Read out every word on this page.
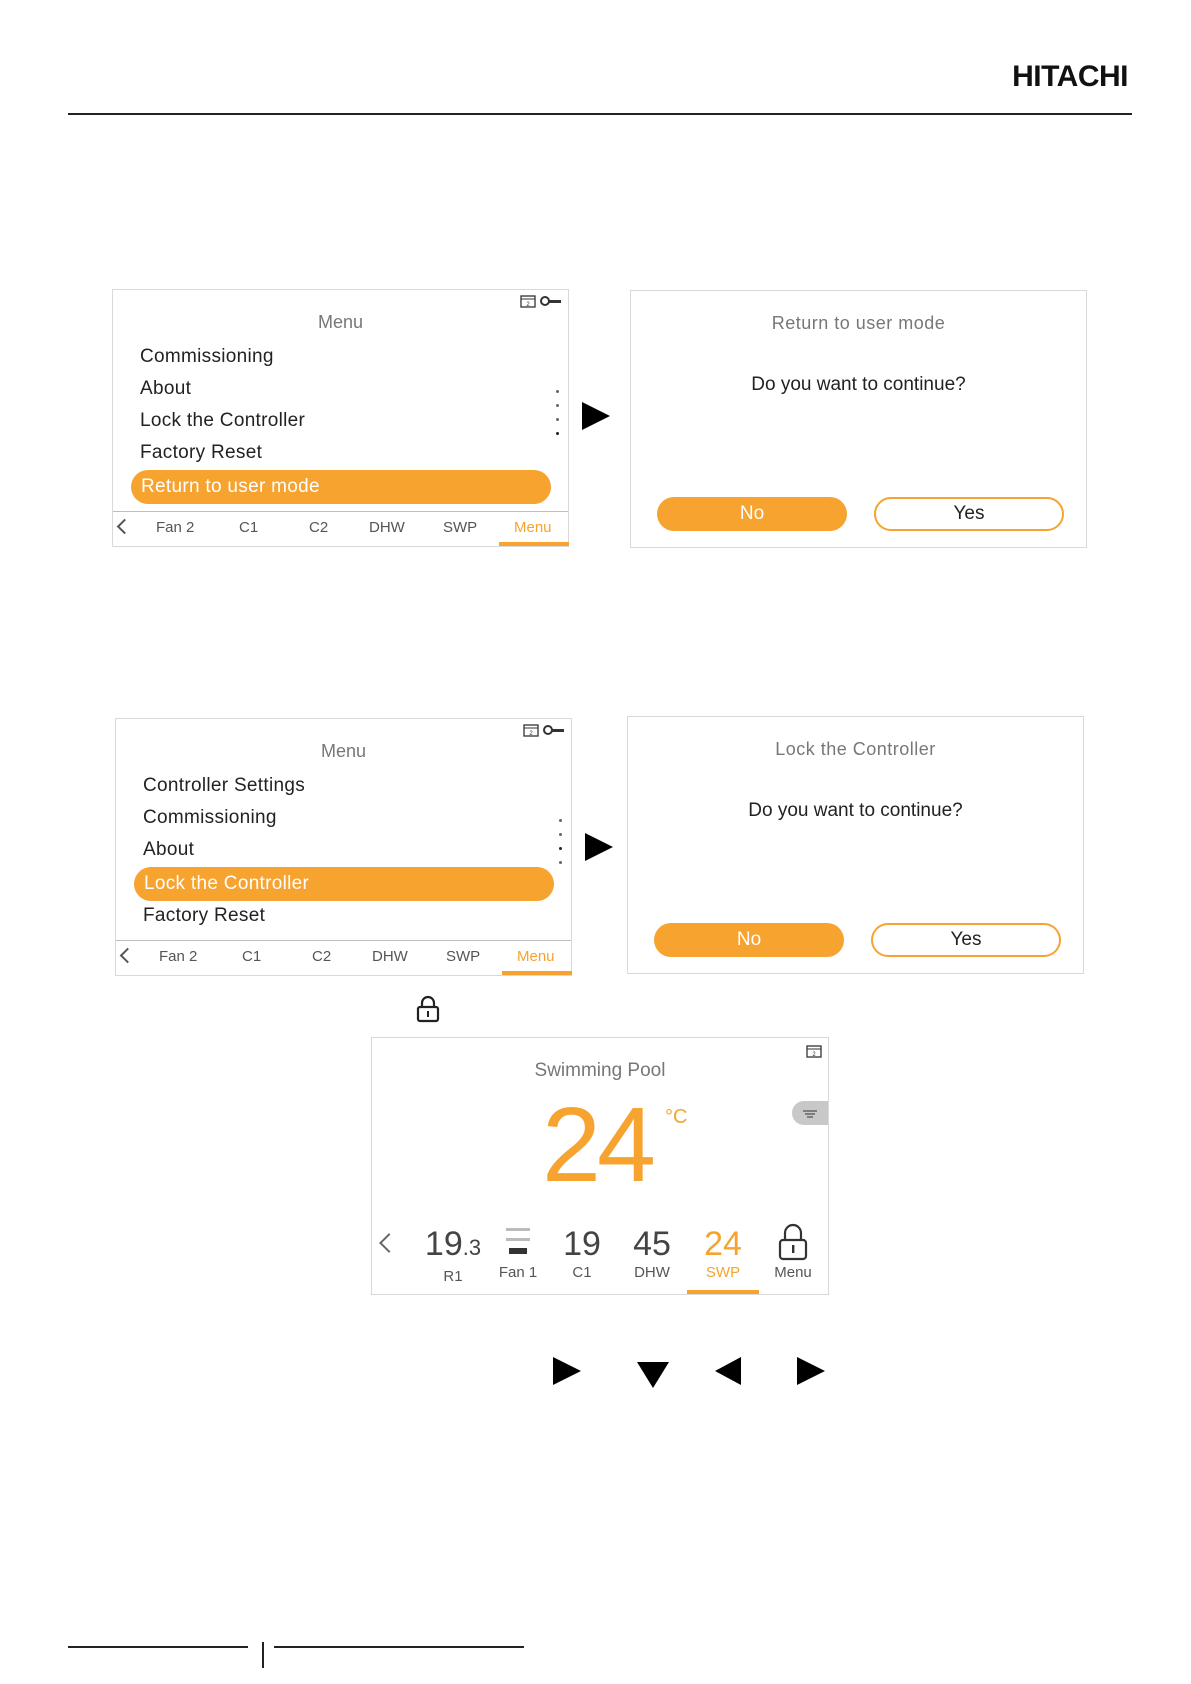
HITACHI
2
Menu
Commissioning
About
Lock the Controller
Factory Reset
Return to user mode
Fan 2	C1	C2	DHW	SWP Menu
Return to user mode
Do you want to continue?
No	Yes
2
Menu
Controller Settings
Commissioning
About
Lock the Controller
Factory Reset
Fan 2	C1	C2	DHW	SWP Menu
Lock the Controller
Do you want to continue?
No	Yes
2
Swimming Pool
24 °C
19.3
R1	Fan 1
19
C1
45
DHW
24
SWP	Menu
